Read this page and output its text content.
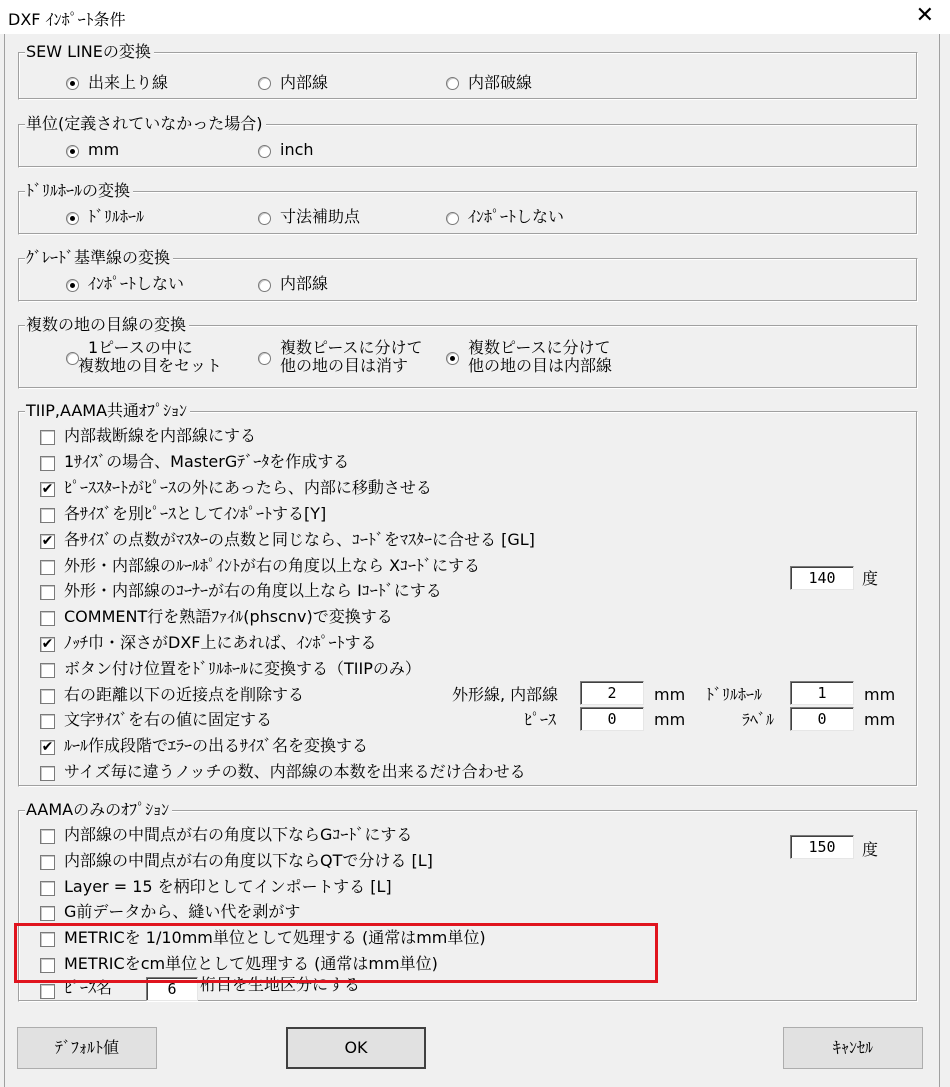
DXF ｲﾝﾎﾟｰﾄ条件	✕
SEW LINEの変換
出来上り線	内部線	内部破線
単位(定義されていなかった場合)
mm	inch
ﾄﾞﾘﾙﾎｰﾙの変換
ﾄﾞﾘﾙﾎｰﾙ	寸法補助点	ｲﾝﾎﾟｰﾄしない
ｸﾞﾚｰﾄﾞ基準線の変換
ｲﾝﾎﾟｰﾄしない	内部線
複数の地の目線の変換
1ピースの中に
複数地の目をセット
複数ピースに分けて
他の地の目は消す
複数ピースに分けて
他の地の目は内部線
TIIP,AAMA共通ｵﾌﾟｼｮﾝ
内部裁断線を内部線にする
1ｻｲｽﾞの場合、MasterGﾃﾞｰﾀを作成する
✔ ﾋﾟｰｽｽﾀｰﾄがﾋﾟｰｽの外にあったら、内部に移動させる
各ｻｲｽﾞを別ﾋﾟｰｽとしてｲﾝﾎﾟｰﾄする[Y]
✔ 各ｻｲｽﾞの点数がﾏｽﾀｰの点数と同じなら、ｺｰﾄﾞをﾏｽﾀｰに合せる [GL]
外形・内部線のﾙｰﾙﾎﾟｲﾝﾄが右の角度以上なら Xｺｰﾄﾞにする
外形・内部線のｺｰﾅｰが右の角度以上なら Iｺｰﾄﾞにする
COMMENT行を熟語ﾌｧｲﾙ(phscnv)で変換する
✔ ﾉｯﾁ巾・深さがDXF上にあれば、ｲﾝﾎﾟｰﾄする
ボタン付け位置をﾄﾞﾘﾙﾎｰﾙに変換する（TIIPのみ）
右の距離以下の近接点を削除する
文字ｻｲｽﾞを右の値に固定する
✔ ﾙｰﾙ作成段階でｴﾗｰの出るｻｲｽﾞ名を変換する
サイズ毎に違うノッチの数、内部線の本数を出来るだけ合わせる
140	度
外形線, 内部線	2	mm ﾄﾞﾘﾙﾎｰﾙ	1	mm
ﾋﾟｰｽ	0	mm	ﾗﾍﾞﾙ	0	mm
AAMAのみのｵﾌﾟｼｮﾝ
内部線の中間点が右の角度以下ならGｺｰﾄﾞにする
内部線の中間点が右の角度以下ならQTで分ける [L]
Layer = 15 を柄印としてインポートする [L]
G前データから、縫い代を剥がす
METRICを 1/10mm単位として処理する (通常はmm単位)
METRICをcm単位として処理する (通常はmm単位)
150	度
ﾋﾟｰｽ名	6	桁目を生地区分にする
ﾃﾞﾌｫﾙﾄ値	OK	ｷｬﾝｾﾙ
